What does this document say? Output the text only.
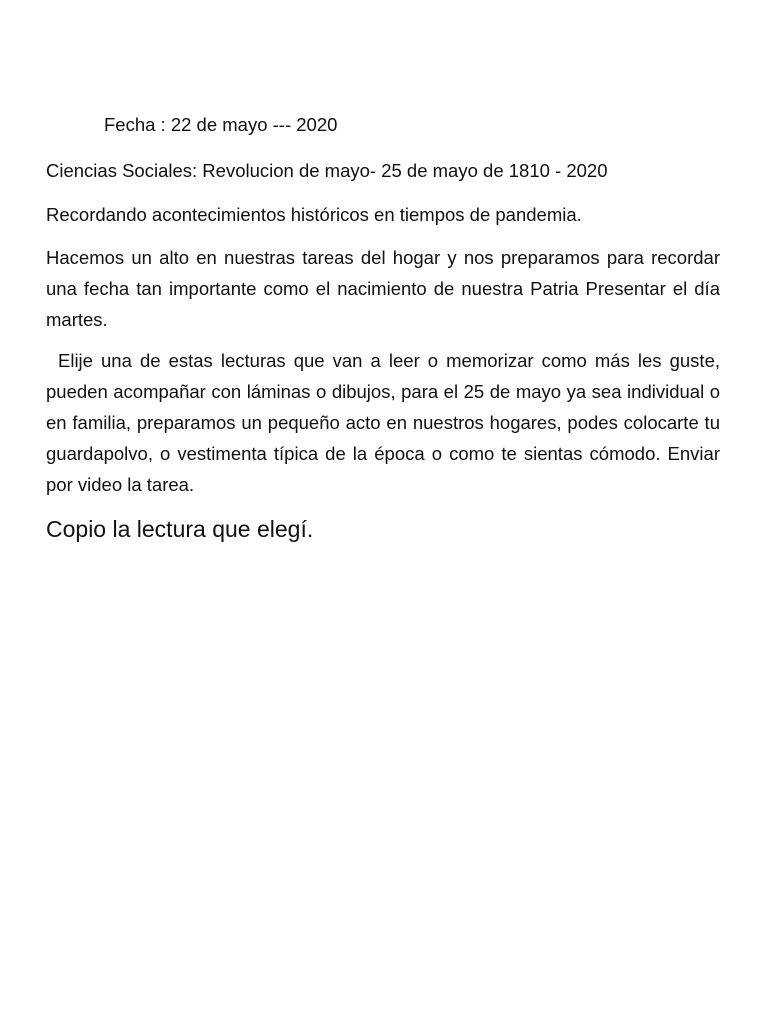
Fecha : 22 de mayo --- 2020

Ciencias Sociales: Revolucion de mayo- 25 de mayo de 1810 - 2020

Recordando acontecimientos históricos en tiempos de pandemia.

Hacemos un alto en nuestras tareas del hogar y nos preparamos para recordar una fecha tan importante como el nacimiento de nuestra Patria Presentar el día martes.

Elije una de estas lecturas que van a leer o memorizar como más les guste, pueden acompañar con láminas o dibujos, para el 25 de mayo ya sea individual o en familia, preparamos un pequeño acto en nuestros hogares, podes colocarte tu guardapolvo, o vestimenta típica de la época o como te sientas cómodo. Enviar por video la tarea.

Copio la lectura que elegí.
